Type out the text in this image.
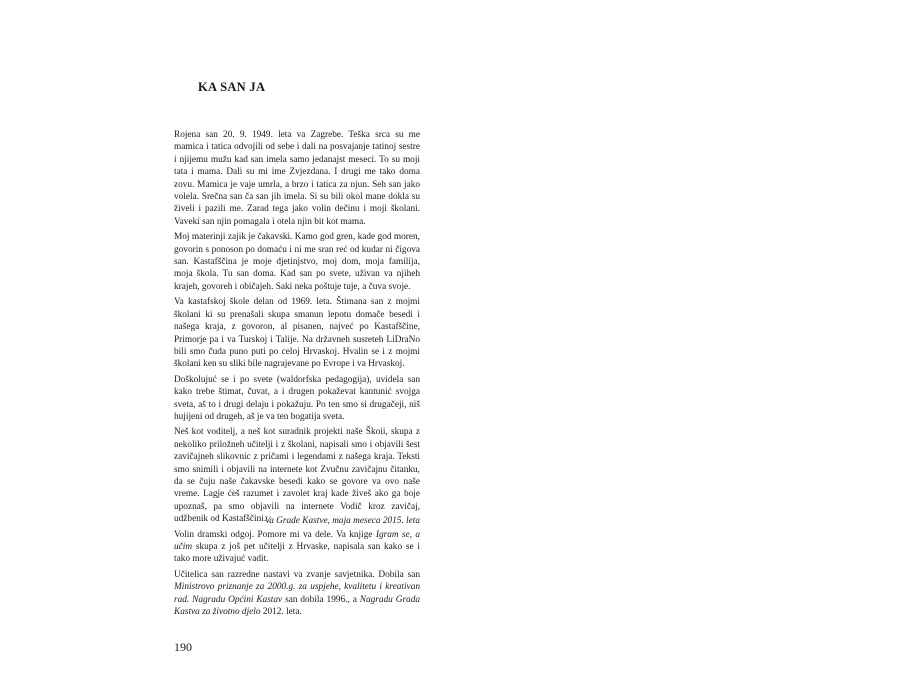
KA SAN JA

Rojena san 20. 9. 1949. leta va Zagrebe. Teška srca su me mamica i tatica odvojili od sebe i dali na posvajanje tatinoj sestre i njijemu mužu kad san imela samo jedanajst meseci. To su moji tata i mama. Dali su mi ime Zvjezdana. I drugi me tako doma zovu. Mamica je vaje umrla, a brzo i tatica za njun. Seh san jako volela. Srečna san ča san jih imela. Si su bili okol mane dokla su živeli i pazili me. Zarad tega jako volin dečinu i moji školani. Vaveki san njin pomagala i otela njin bit kot mama.

Moj materinji zajik je čakavski. Kamo god gren, kade god moren, govorin s ponoson po domaću i ni me sran reć od kudar ni čigova san. Kastafščina je moje djetinjstvo, moj dom, moja familija, moja škola. Tu san doma. Kad san po svete, uživan va njiheh krajeh, govoreh i običajeh. Saki neka poštuje tuje, a čuva svoje.

Va kastafskoj škole delan od 1969. leta. Štimana san z mojmi školani ki su prenašali skupa smanun lepotu domače besedi i našega kraja, z govoron, al pisanen, najveć po Kastafščine, Primorje pa i va Turskoj i Talije. Na državneh susreteh LiDraNo bili smo čuda puno puti po celoj Hrvaskoj. Hvalin se i z mojmi školani ken su sliki bile nagrajevane po Evrope i va Hrvaskoj.

Doškolujuć se i po svete (waldorfska pedagogija), uvidela san kako trebe štimat, čuvat, a i drugen pokaževat kantunić svojga sveta, aš to i drugi delaju i pokažuju. Po ten smo si drugačeji, niš hujijeni od drugeh, aš je va ten bogatija sveta.

Neš kot voditelj, a neš kot suradnik projekti naše Škoii, skupa z nekoliko priložneh učitelji i z školani, napisali smo i objavili šest zavičajneh slikovnic z pričami i legendami z našega kraja. Teksti smo snimili i objavili na internete kot Zvučnu zavičajnu čitanku, da se čuju naše čakavske besedi kako se govore va ovo naše vreme. Lagje ćeš razumet i zavolet kraj kade živeš ako ga boje upoznaš, pa smo objavili na internete Vodič kroz zavičaj, udžbenik od Kastafščini.

Volin dramski odgoj. Pomore mi va dele. Va knjige Igram se, a učim skupa z još pet učitelji z Hrvaske, napisala san kako se i tako more uživajuć vadit.

Učitelica san razredne nastavi va zvanje savjetnika. Dobila san Ministrovo priznanje za 2000.g. za uspjehe, kvalitetu i kreativan rad. Nagradu Općini Kastav san dobila 1996., a Nagradu Grada Kastva za životno djelo 2012. leta.

Va Grade Kastve, maja meseca 2015. leta

190
